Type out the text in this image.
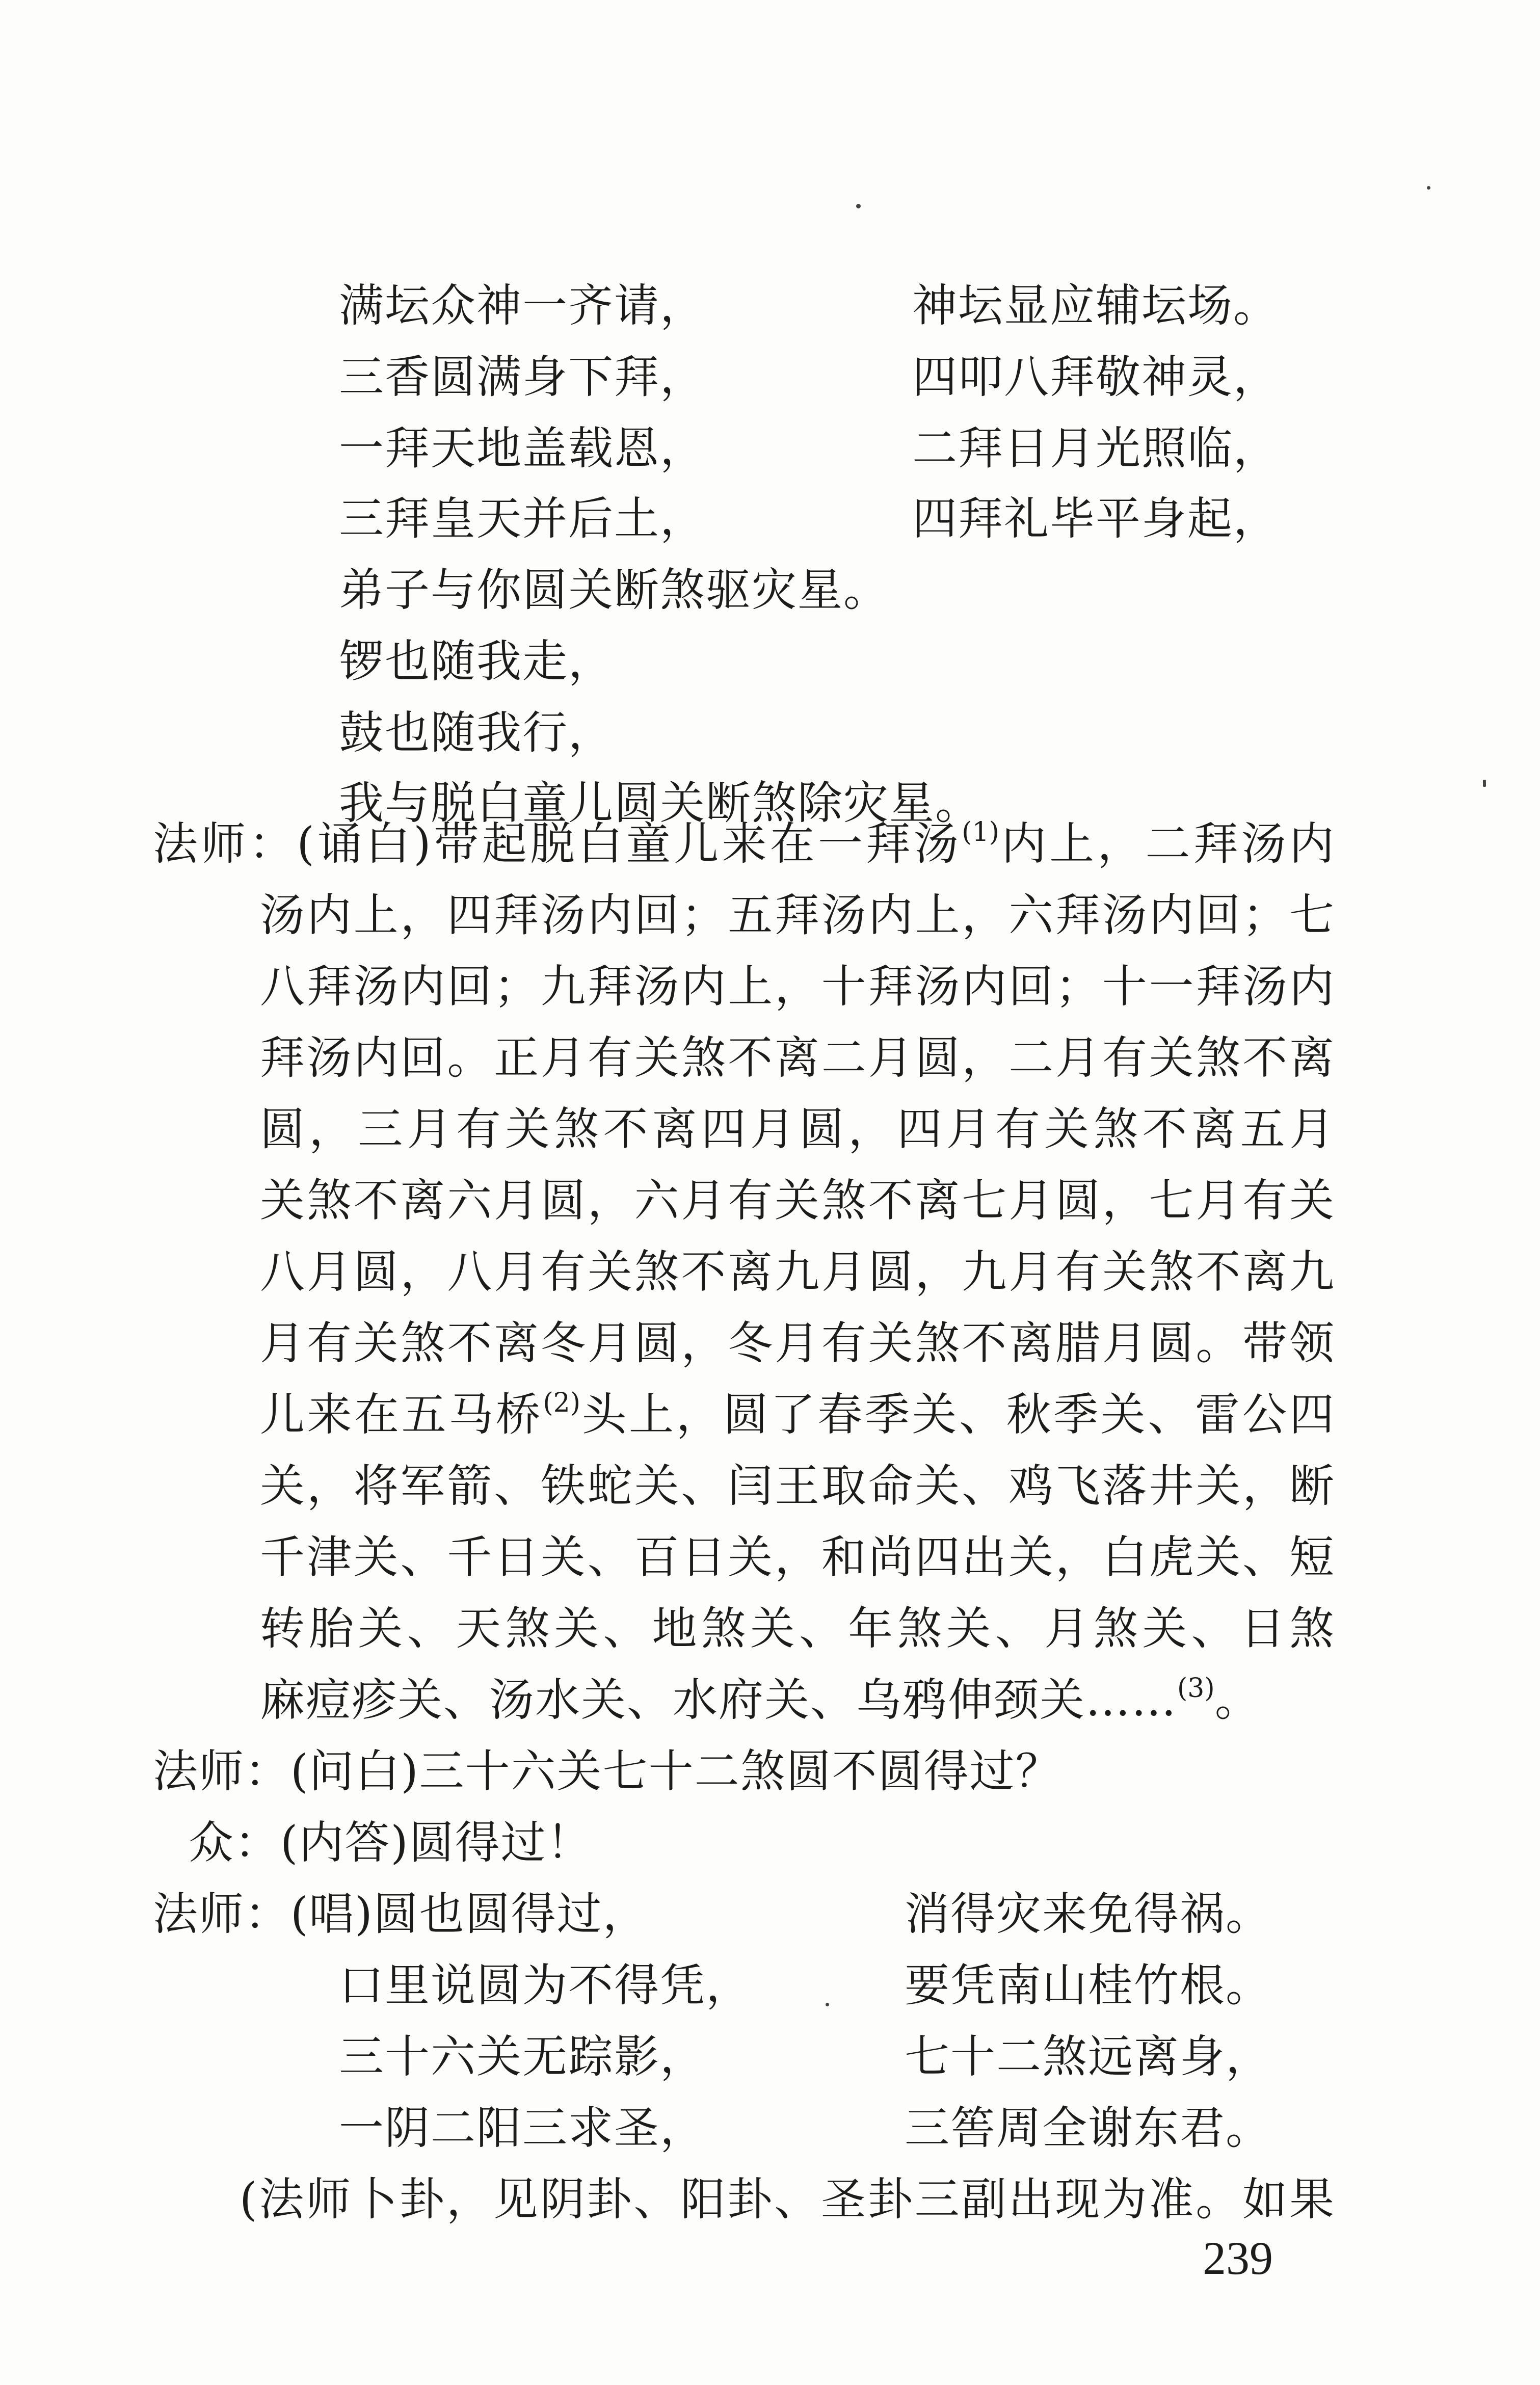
满坛众神一齐请，	神坛显应辅坛场。
三香圆满身下拜，	四叩八拜敬神灵，
一拜天地盖载恩，	二拜日月光照临，
三拜皇天并后土，	四拜礼毕平身起，
弟子与你圆关断煞驱灾星。
锣也随我走，
鼓也随我行，
我与脱白童儿圆关断煞除灾星。
法师：(诵白)带起脱白童儿来在一拜汤$^{(1)}$内上，二拜汤内
汤内上，四拜汤内回；五拜汤内上，六拜汤内回；七
八拜汤内回；九拜汤内上，十拜汤内回；十一拜汤内
拜汤内回。正月有关煞不离二月圆，二月有关煞不离
圆，三月有关煞不离四月圆，四月有关煞不离五月
关煞不离六月圆，六月有关煞不离七月圆，七月有关
八月圆，八月有关煞不离九月圆，九月有关煞不离九
月有关煞不离冬月圆，冬月有关煞不离腊月圆。带领
儿来在五马桥$^{(2)}$头上，圆了春季关、秋季关、雷公四
关，将军箭、铁蛇关、闫王取命关、鸡飞落井关，断
千津关、千日关、百日关，和尚四出关，白虎关、短
转胎关、天煞关、地煞关、年煞关、月煞关、日煞
麻痘疹关、汤水关、水府关、乌鸦伸颈关……$^{(3)}$。
法师：(问白)三十六关七十二煞圆不圆得过？
众：(内答)圆得过！
法师：(唱)圆也圆得过，	消得灾来免得祸。
口里说圆为不得凭，	要凭南山桂竹根。
三十六关无踪影，	七十二煞远离身，
一阴二阳三求圣，	三筶周全谢东君。
(法师卜卦，见阴卦、阳卦、圣卦三副出现为准。如果
239
